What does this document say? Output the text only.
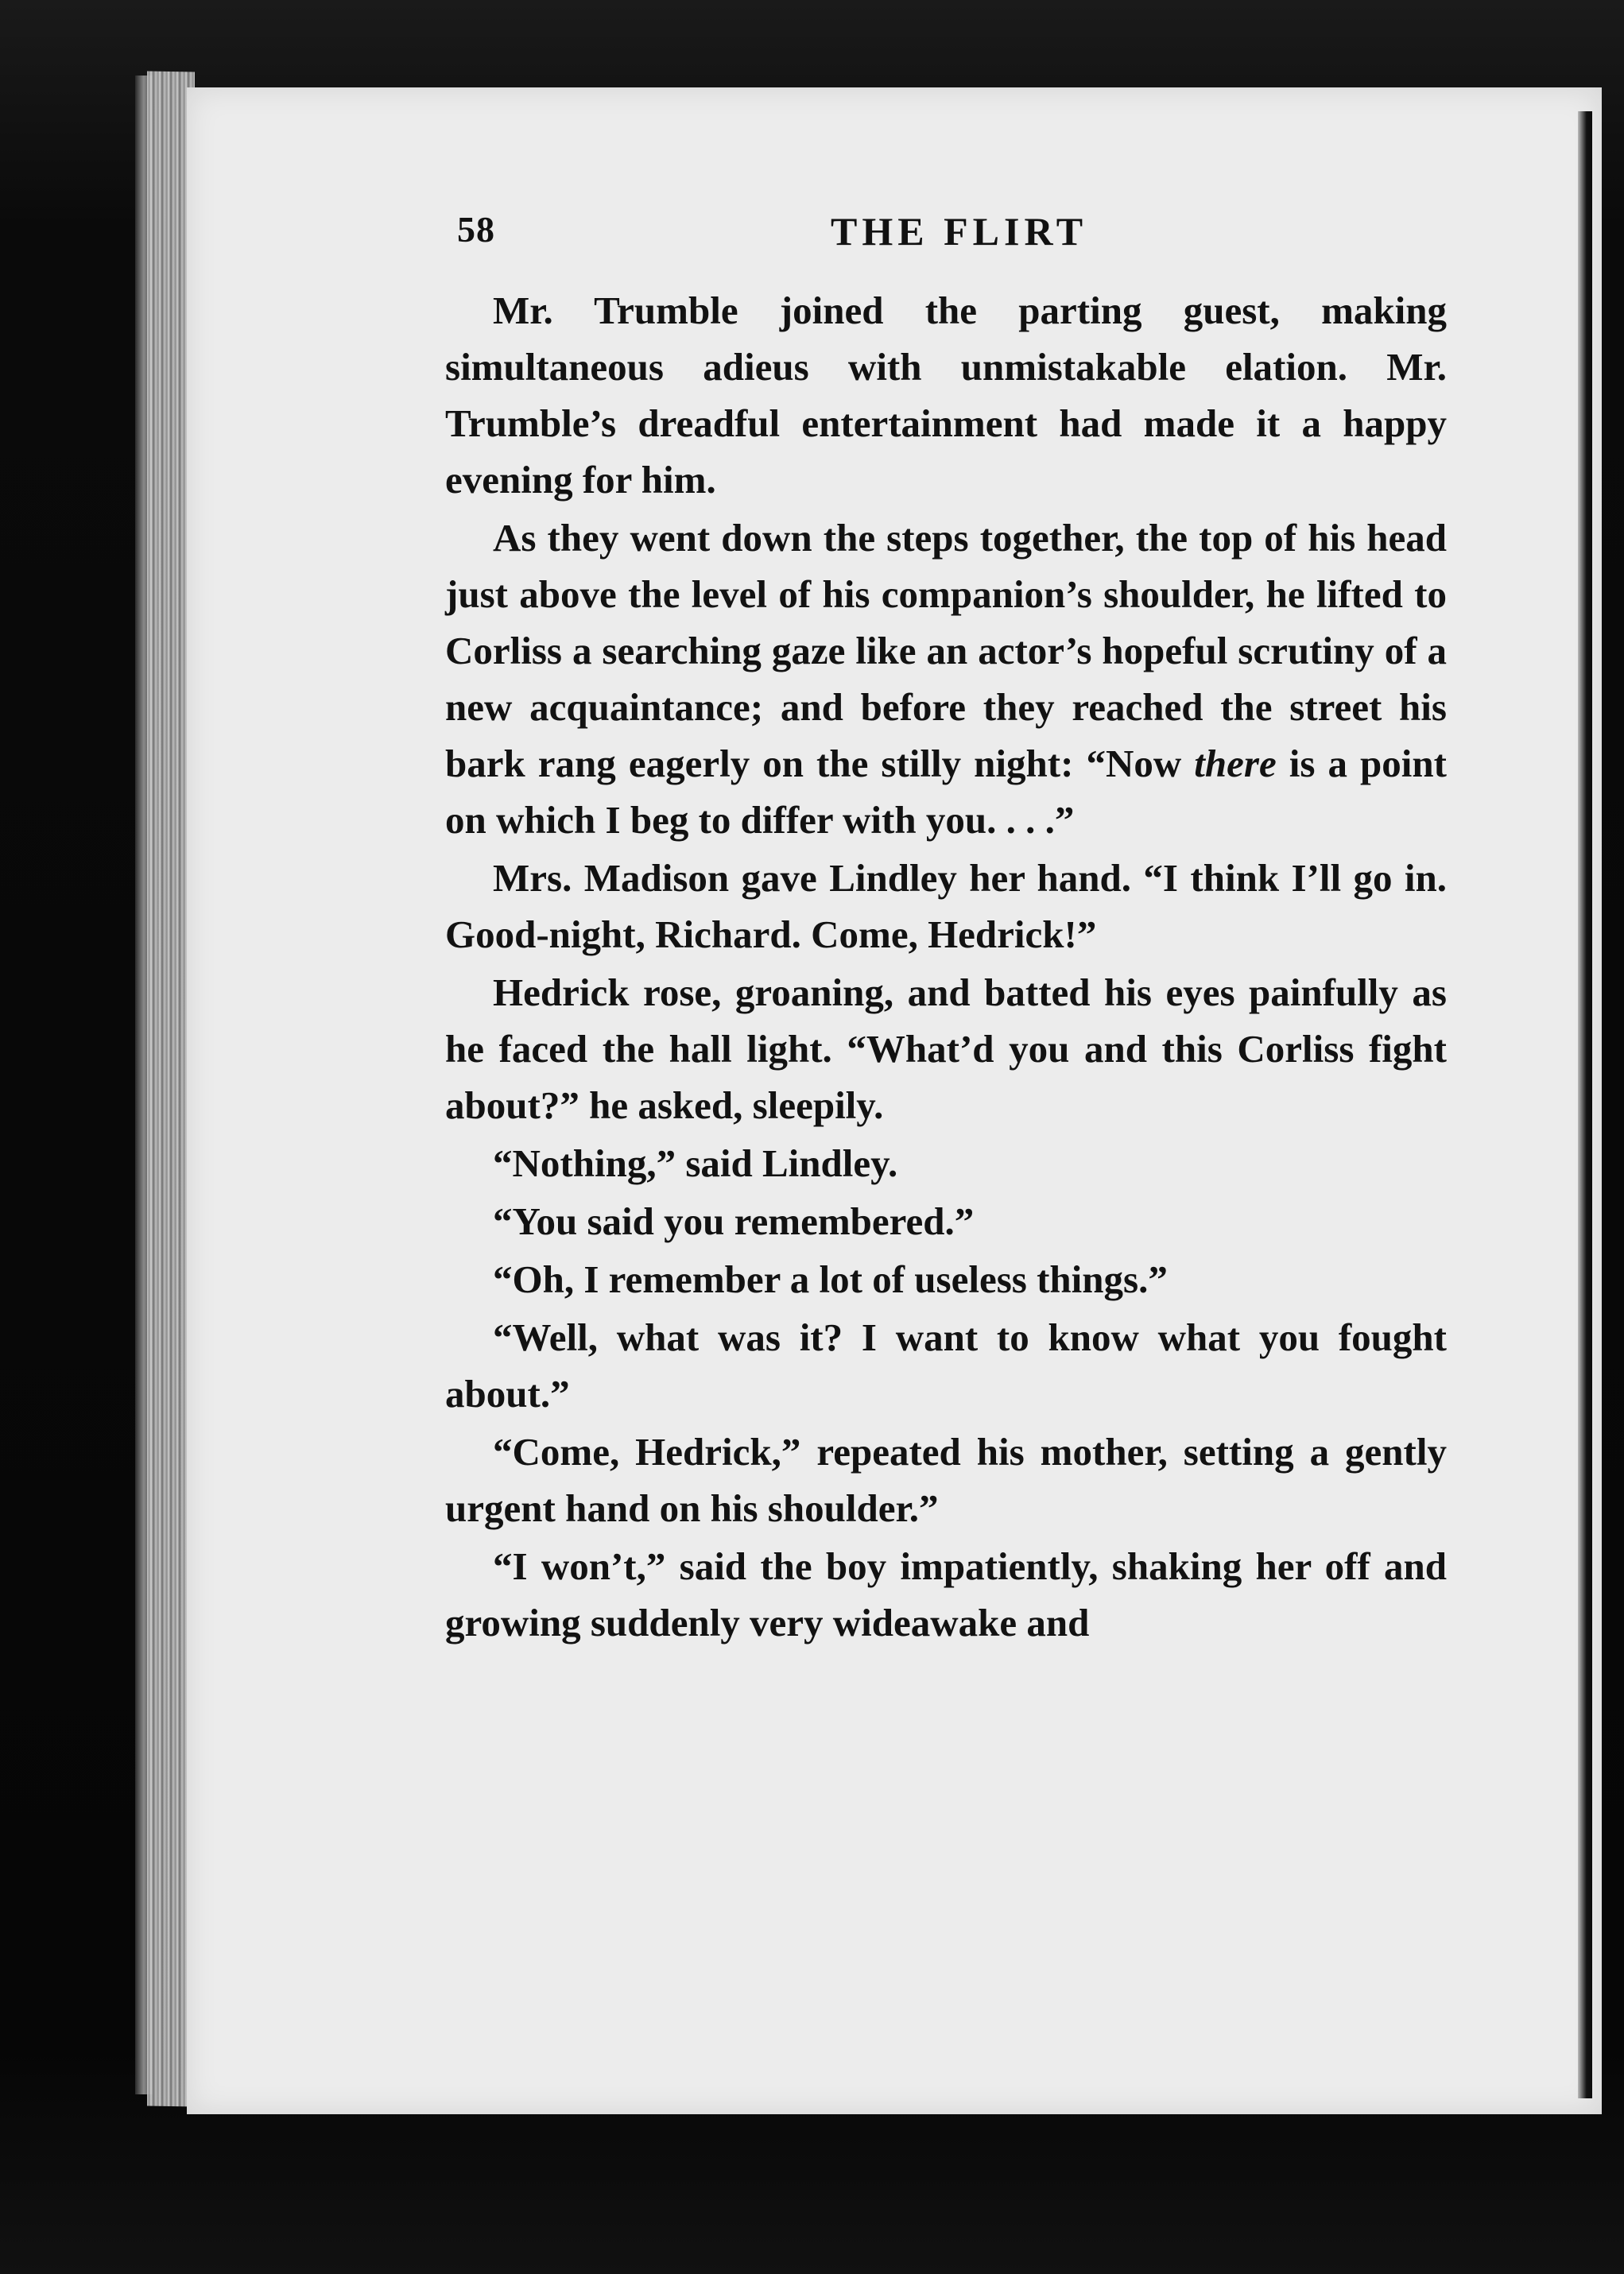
58	THE FLIRT

Mr. Trumble joined the parting guest, making simultaneous adieus with unmistakable elation. Mr. Trumble’s dreadful entertainment had made it a happy evening for him.

As they went down the steps together, the top of his head just above the level of his companion’s shoulder, he lifted to Corliss a searching gaze like an actor’s hopeful scrutiny of a new acquaintance; and before they reached the street his bark rang eagerly on the stilly night: “Now there is a point on which I beg to differ with you. . . .”

Mrs. Madison gave Lindley her hand. “I think I’ll go in. Good-night, Richard. Come, Hedrick!”

Hedrick rose, groaning, and batted his eyes painfully as he faced the hall light. “What’d you and this Corliss fight about?” he asked, sleepily.

“Nothing,” said Lindley.

“You said you remembered.”

“Oh, I remember a lot of useless things.”

“Well, what was it? I want to know what you fought about.”

“Come, Hedrick,” repeated his mother, setting a gently urgent hand on his shoulder.”

“I won’t,” said the boy impatiently, shaking her off and growing suddenly very wideawake and
